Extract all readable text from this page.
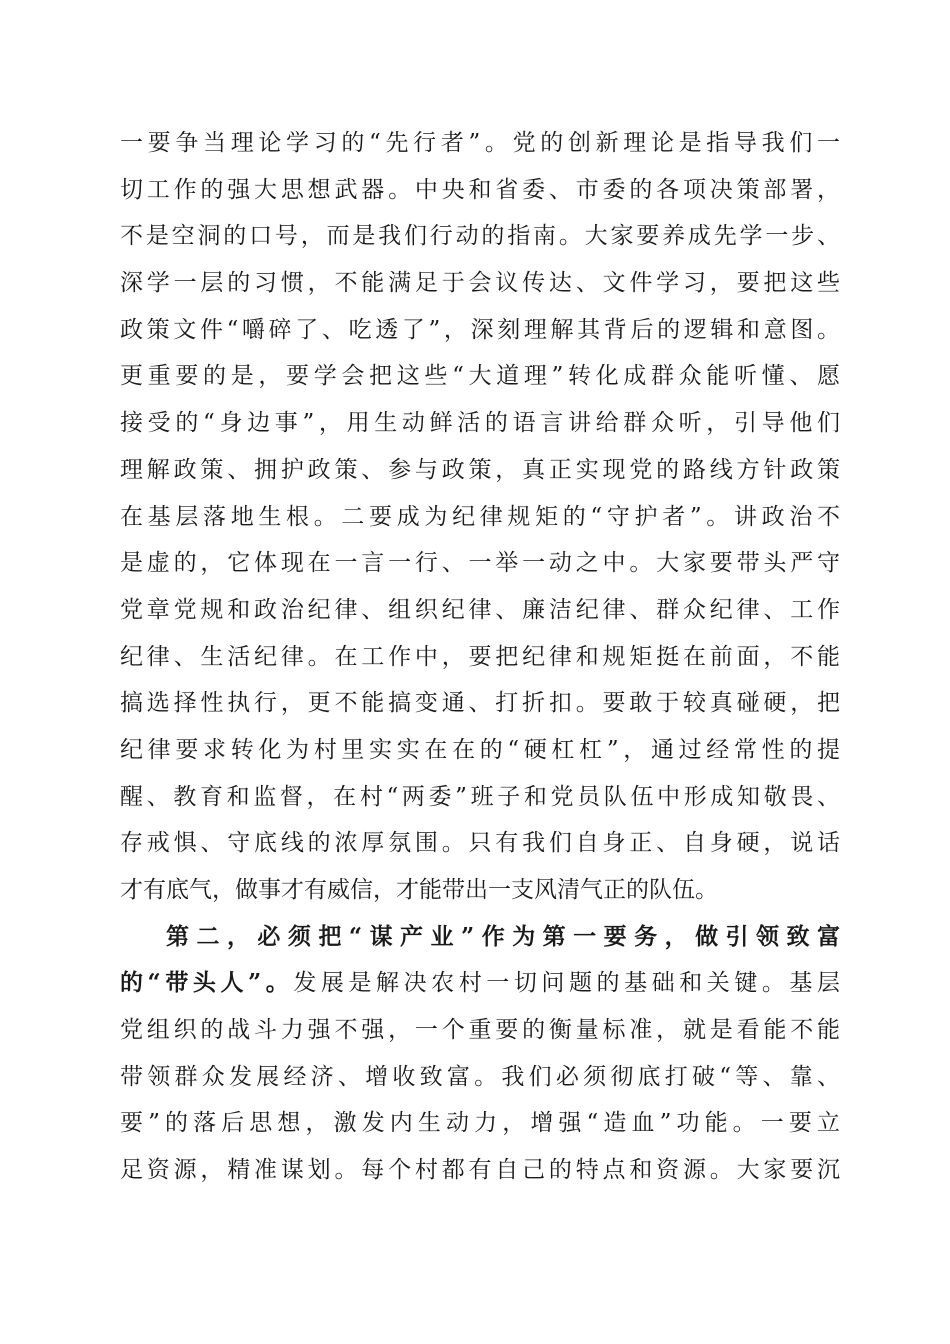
一要争当理论学习的“先行者”。党的创新理论是指导我们一
切工作的强大思想武器。中央和省委、市委的各项决策部署，
不是空洞的口号，而是我们行动的指南。大家要养成先学一步、
深学一层的习惯，不能满足于会议传达、文件学习，要把这些
政策文件“嚼碎了、吃透了”，深刻理解其背后的逻辑和意图。
更重要的是，要学会把这些“大道理”转化成群众能听懂、愿
接受的“身边事”，用生动鲜活的语言讲给群众听，引导他们
理解政策、拥护政策、参与政策，真正实现党的路线方针政策
在基层落地生根。二要成为纪律规矩的“守护者”。讲政治不
是虚的，它体现在一言一行、一举一动之中。大家要带头严守
党章党规和政治纪律、组织纪律、廉洁纪律、群众纪律、工作
纪律、生活纪律。在工作中，要把纪律和规矩挺在前面，不能
搞选择性执行，更不能搞变通、打折扣。要敢于较真碰硬，把
纪律要求转化为村里实实在在的“硬杠杠”，通过经常性的提
醒、教育和监督，在村“两委”班子和党员队伍中形成知敬畏、
存戒惧、守底线的浓厚氛围。只有我们自身正、自身硬，说话
才有底气，做事才有威信，才能带出一支风清气正的队伍。
第二，必须把“谋产业”作为第一要务，做引领致富
的“带头人”。发展是解决农村一切问题的基础和关键。基层
党组织的战斗力强不强，一个重要的衡量标准，就是看能不能
带领群众发展经济、增收致富。我们必须彻底打破“等、靠、
要”的落后思想，激发内生动力，增强“造血”功能。一要立
足资源，精准谋划。每个村都有自己的特点和资源。大家要沉
